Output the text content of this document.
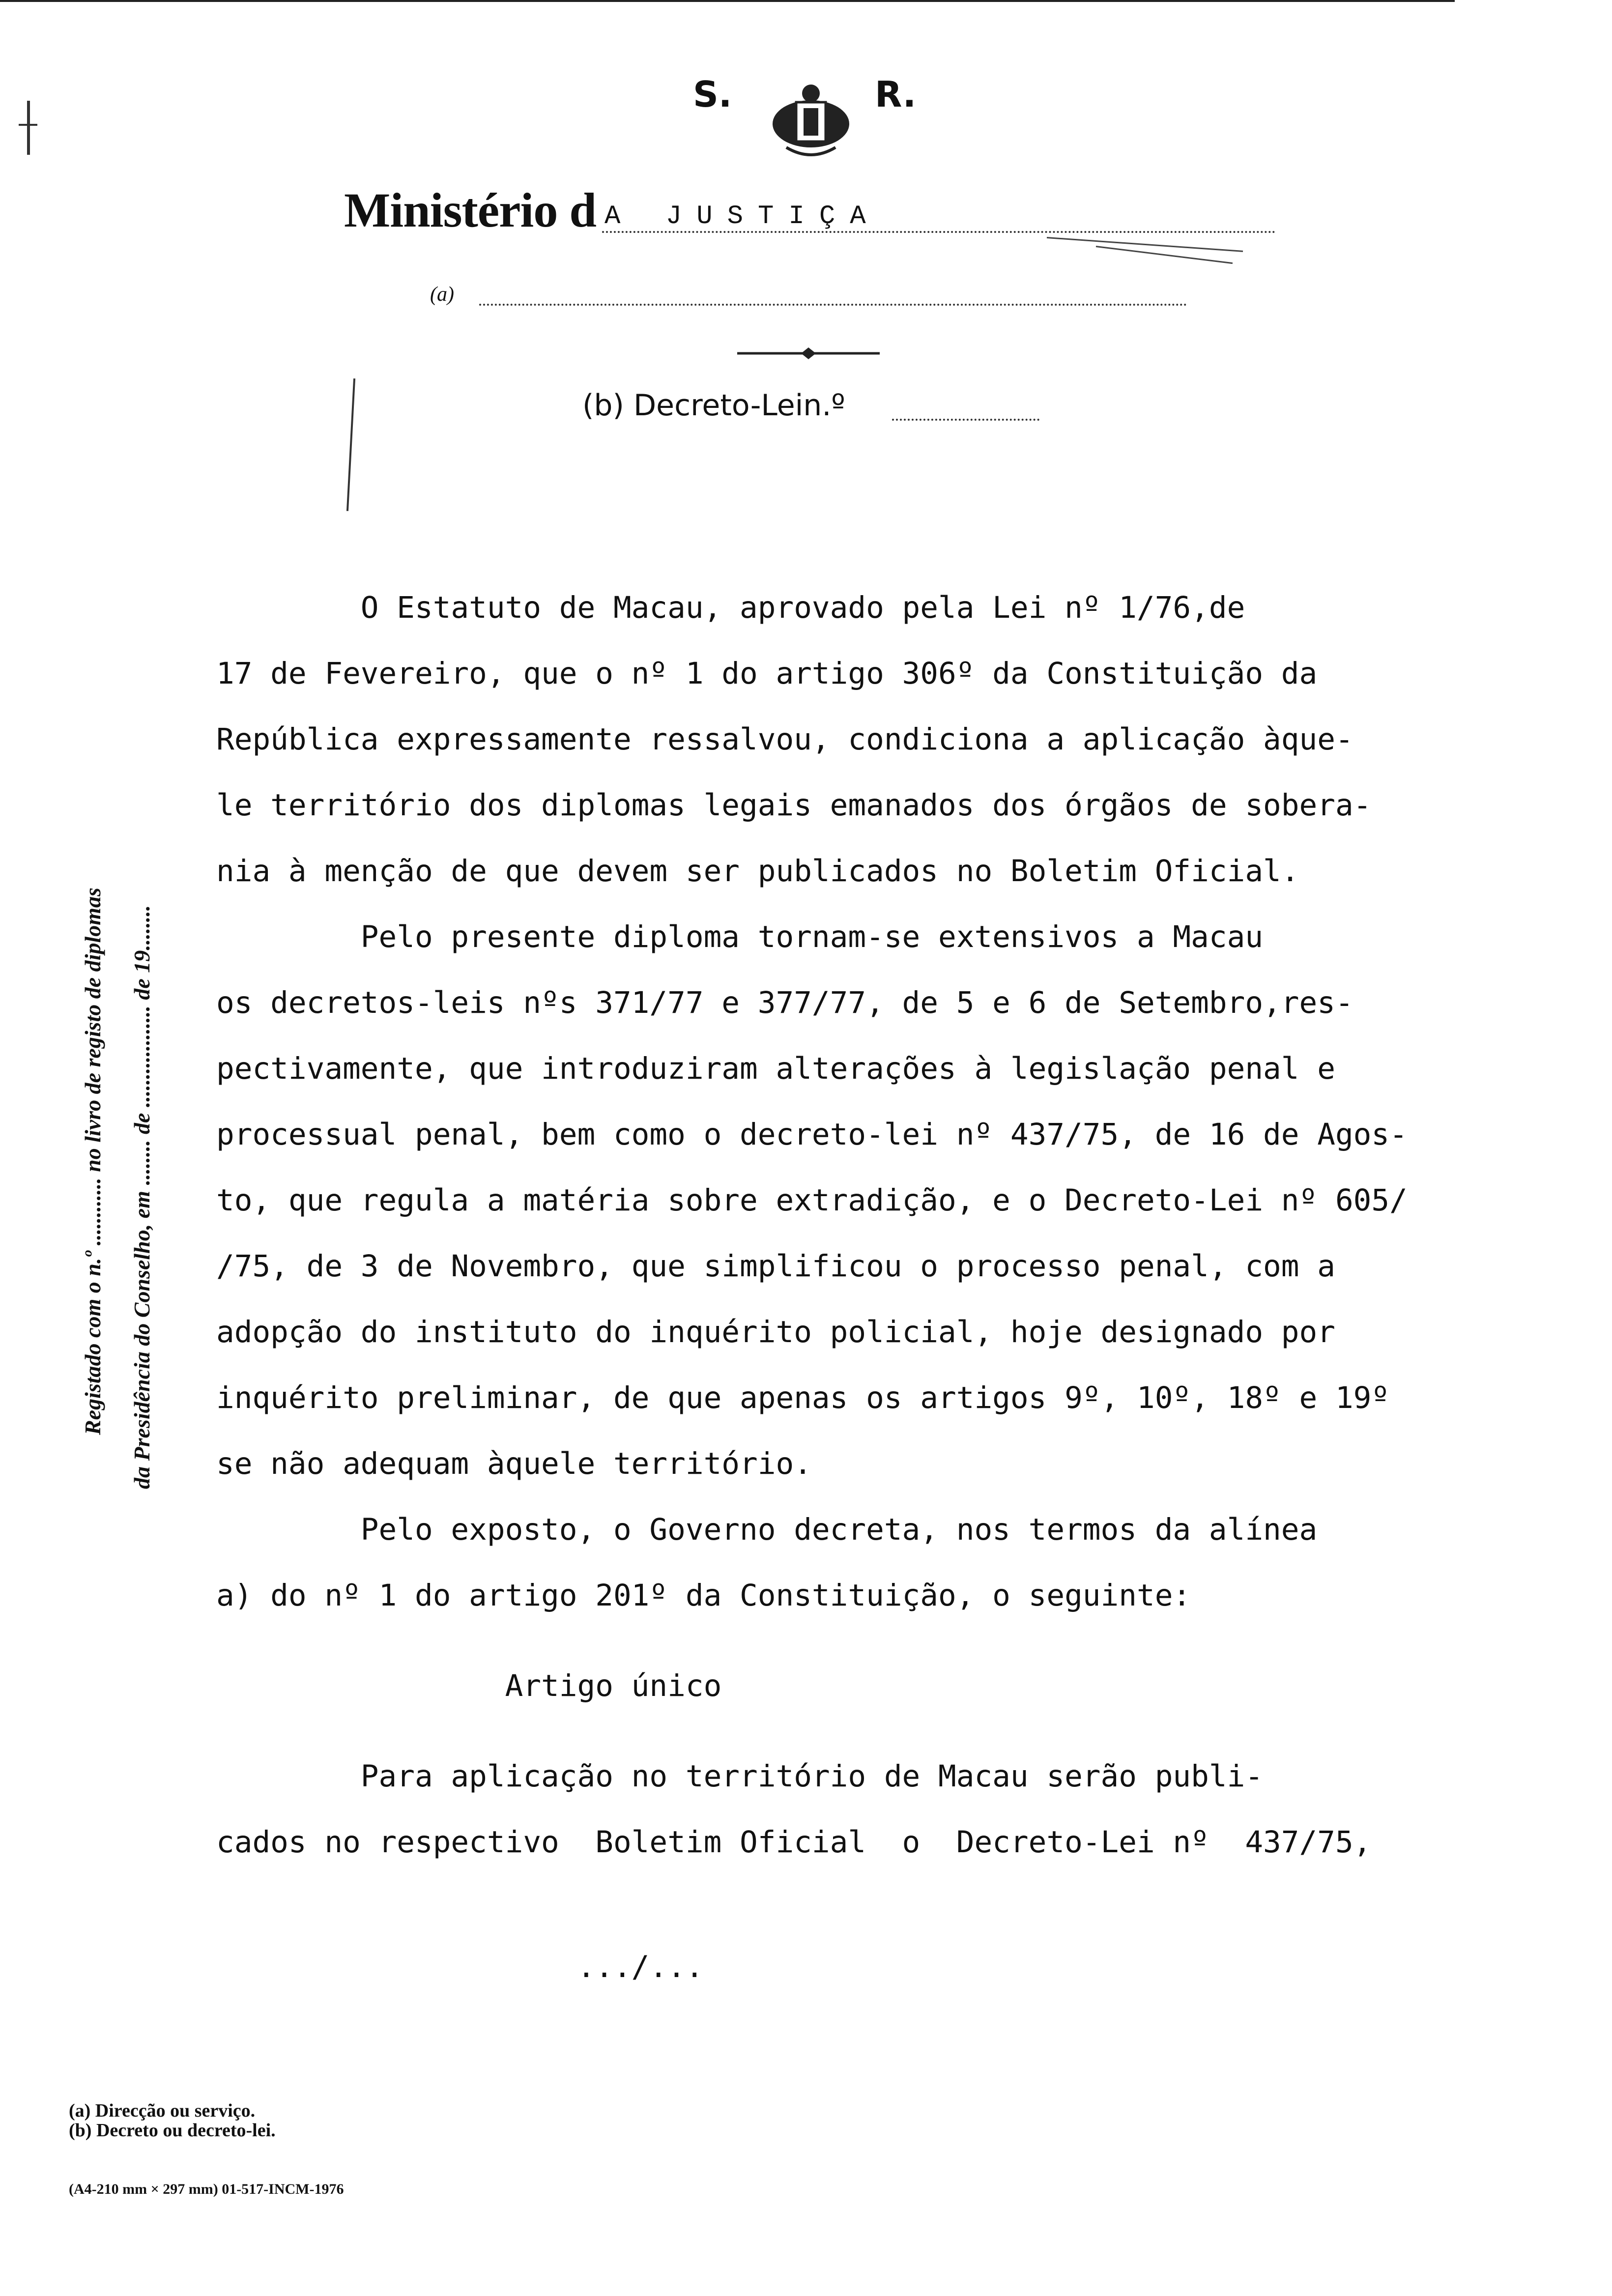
S.	R.
Ministério d A JUSTIÇA
(a)
(b) Decreto-Lein.º
Registado com o n.º ............ no livro de registo de diplomas da Presidência do Conselho, em ........ de .................. de 19........
O Estatuto de Macau, aprovado pela Lei nº 1/76,de
17 de Fevereiro, que o nº 1 do artigo 306º da Constituição da
República expressamente ressalvou, condiciona a aplicação àque-
le território dos diplomas legais emanados dos órgãos de sobera-
nia à menção de que devem ser publicados no Boletim Oficial.
Pelo presente diploma tornam-se extensivos a Macau
os decretos-leis nºs 371/77 e 377/77, de 5 e 6 de Setembro,res-
pectivamente, que introduziram alterações à legislação penal e
processual penal, bem como o decreto-lei nº 437/75, de 16 de Agos-
to, que regula a matéria sobre extradição, e o Decreto-Lei nº 605/
/75, de 3 de Novembro, que simplificou o processo penal, com a
adopção do instituto do inquérito policial, hoje designado por
inquérito preliminar, de que apenas os artigos 9º, 10º, 18º e 19º
se não adequam àquele território.
Pelo exposto, o Governo decreta, nos termos da alínea
a) do nº 1 do artigo 201º da Constituição, o seguinte:
Artigo único
Para aplicação no território de Macau serão publi-
cados no respectivo  Boletim Oficial  o  Decreto-Lei nº  437/75,
.../...
(a) Direcção ou serviço.
(b) Decreto ou decreto-lei.
(A4-210 mm × 297 mm) 01-517-INCM-1976
